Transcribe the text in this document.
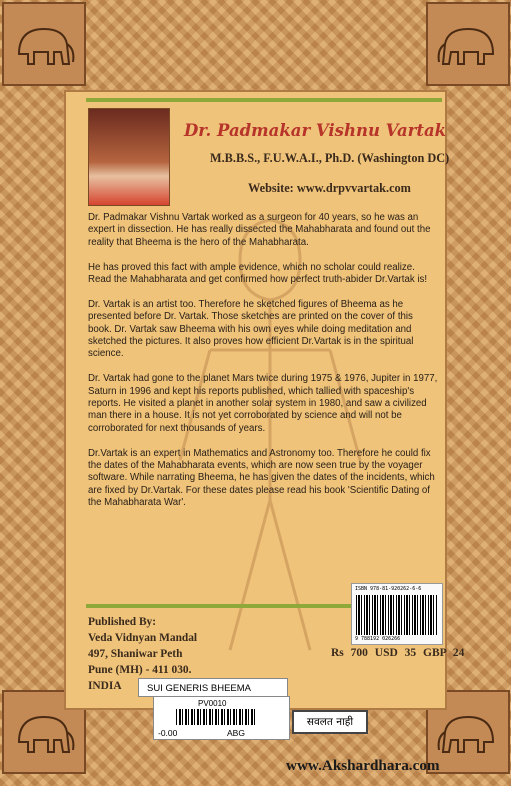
Dr. Padmakar Vishnu Vartak
M.B.B.S., F.U.W.A.I., Ph.D. (Washington DC)
Website: www.drpvvartak.com

Dr. Padmakar Vishnu Vartak worked as a surgeon for 40 years, so he was an expert in dissection. He has really dissected the Mahabharata and found out the reality that Bheema is the hero of the Mahabharata.

He has proved this fact with ample evidence, which no scholar could realize. Read the Mahabharata and get confirmed how perfect truth-abider Dr.Vartak is!

Dr. Vartak is an artist too. Therefore he sketched figures of Bheema as he presented before Dr. Vartak. Those sketches are printed on the cover of this book. Dr. Vartak saw Bheema with his own eyes while doing meditation and sketched the pictures. It also proves how efficient Dr.Vartak is in the spiritual science.

Dr. Vartak had gone to the planet Mars twice during 1975 & 1976, Jupiter in 1977, Saturn in 1996 and kept his reports published, which tallied with spaceship's reports. He visited a planet in another solar system in 1980, and saw a civilized man there in a house. It is not yet corroborated by science and will not be corroborated for next thousands of years.

Dr.Vartak is an expert in Mathematics and Astronomy too. Therefore he could fix the dates of the Mahabharata events, which are now seen true by the voyager software. While narrating Bheema, he has given the dates of the incidents, which are fixed by Dr.Vartak. For these dates please read his book 'Scientific Dating of the Mahabharata War'.

Published By:
Veda Vidnyan Mandal
497, Shaniwar Peth
Pune (MH) - 411 030.
INDIA
ISBN 978-81-920262-6-6
9 788192 026266
Rs 700 USD 35 GBP 24
SUI GENERIS BHEEMA
PV0010
-0.00	ABG
सवलत नाही
www.Akshardhara.com
